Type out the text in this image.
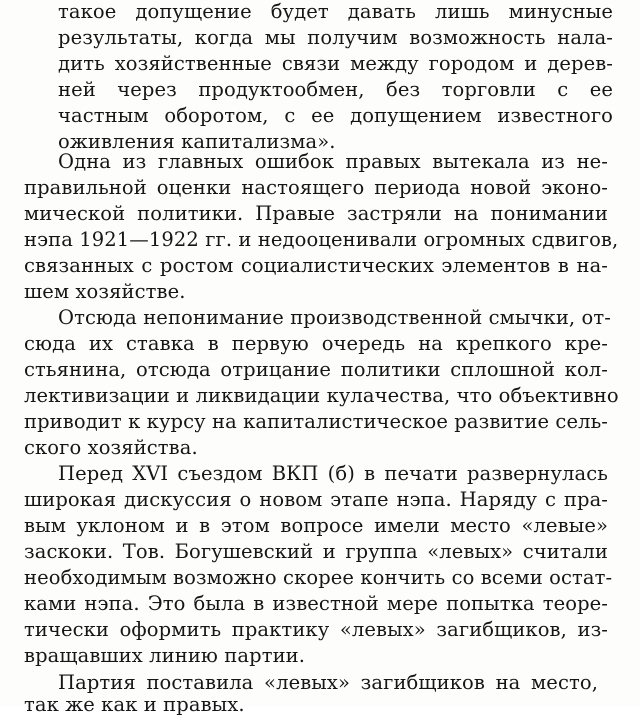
такое допущение будет давать лишь минусные
результаты, когда мы получим возможность нала-
дить хозяйственные связи между городом и дерев-
ней через продуктообмен, без торговли с ее
частным оборотом, с ее допущением известного
оживления капитализма».
Одна из главных ошибок правых вытекала из не-
правильной оценки настоящего периода новой эконо-
мической политики. Правые застряли на понимании
нэпа 1921—1922 гг. и недооценивали огромных сдвигов,
связанных с ростом социалистических элементов в на-
шем хозяйстве.
Отсюда непонимание производственной смычки, от-
сюда их ставка в первую очередь на крепкого кре-
стьянина, отсюда отрицание политики сплошной кол-
лективизации и ликвидации кулачества, что объективно
приводит к курсу на капиталистическое развитие сель-
ского хозяйства.
Перед XVI съездом ВКП (б) в печати развернулась
широкая дискуссия о новом этапе нэпа. Наряду с пра-
вым уклоном и в этом вопросе имели место «левые»
заскоки. Тов. Богушевский и группа «левых» считали
необходимым возможно скорее кончить со всеми остат-
ками нэпа. Это была в известной мере попытка теоре-
тически оформить практику «левых» загибщиков, из-
вращавших линию партии.
Партия поставила «левых» загибщиков на место,
так же как и правых.
